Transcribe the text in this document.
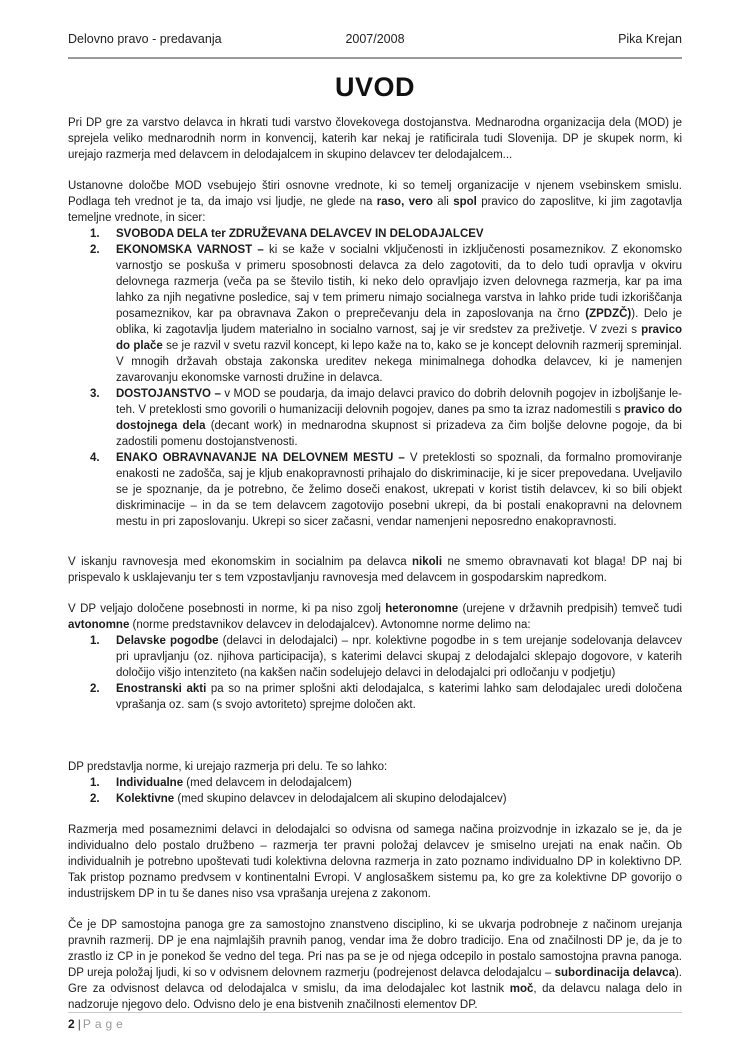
Delovno pravo - predavanja	2007/2008	Pika Krejan
UVOD

Pri DP gre za varstvo delavca in hkrati tudi varstvo človekovega dostojanstva. Mednarodna organizacija dela (MOD) je sprejela veliko mednarodnih norm in konvencij, katerih kar nekaj je ratificirala tudi Slovenija. DP je skupek norm, ki urejajo razmerja med delavcem in delodajalcem in skupino delavcev ter delodajalcem...

Ustanovne določbe MOD vsebujejo štiri osnovne vrednote, ki so temelj organizacije v njenem vsebinskem smislu. Podlaga teh vrednot je ta, da imajo vsi ljudje, ne glede na raso, vero ali spol pravico do zaposlitve, ki jim zagotavlja temeljne vrednote, in sicer:

1. SVOBODA DELA ter ZDRUŽEVANA DELAVCEV IN DELODAJALCEV
2. EKONOMSKA VARNOST – ki se kaže v socialni vključenosti in izključenosti posameznikov. Z ekonomsko varnostjo se poskuša v primeru sposobnosti delavca za delo zagotoviti, da to delo tudi opravlja v okviru delovnega razmerja (veča pa se število tistih, ki neko delo opravljajo izven delovnega razmerja, kar pa ima lahko za njih negativne posledice, saj v tem primeru nimajo socialnega varstva in lahko pride tudi izkoriščanja posameznikov, kar pa obravnava Zakon o preprečevanju dela in zaposlovanja na črno (ZPDZČ)). Delo je oblika, ki zagotavlja ljudem materialno in socialno varnost, saj je vir sredstev za preživetje. V zvezi s pravico do plače se je razvil v svetu razvil koncept, ki lepo kaže na to, kako se je koncept delovnih razmerij spreminjal. V mnogih državah obstaja zakonska ureditev nekega minimalnega dohodka delavcev, ki je namenjen zavarovanju ekonomske varnosti družine in delavca.
3. DOSTOJANSTVO – v MOD se poudarja, da imajo delavci pravico do dobrih delovnih pogojev in izboljšanje le-teh. V preteklosti smo govorili o humanizaciji delovnih pogojev, danes pa smo ta izraz nadomestili s pravico do dostojnega dela (decant work) in mednarodna skupnost si prizadeva za čim boljše delovne pogoje, da bi zadostili pomenu dostojanstvenosti.
4. ENAKO OBRAVNAVANJE NA DELOVNEM MESTU – V preteklosti so spoznali, da formalno promoviranje enakosti ne zadošča, saj je kljub enakopravnosti prihajalo do diskriminacije, ki je sicer prepovedana. Uveljavilo se je spoznanje, da je potrebno, če želimo doseči enakost, ukrepati v korist tistih delavcev, ki so bili objekt diskriminacije – in da se tem delavcem zagotovijo posebni ukrepi, da bi postali enakopravni na delovnem mestu in pri zaposlovanju. Ukrepi so sicer začasni, vendar namenjeni neposredno enakopravnosti.

V iskanju ravnovesja med ekonomskim in socialnim pa delavca nikoli ne smemo obravnavati kot blaga! DP naj bi prispevalo k usklajevanju ter s tem vzpostavljanju ravnovesja med delavcem in gospodarskim napredkom.

V DP veljajo določene posebnosti in norme, ki pa niso zgolj heteronomne (urejene v državnih predpisih) temveč tudi avtonomne (norme predstavnikov delavcev in delodajalcev). Avtonomne norme delimo na:

1. Delavske pogodbe (delavci in delodajalci) – npr. kolektivne pogodbe in s tem urejanje sodelovanja delavcev pri upravljanju (oz. njihova participacija), s katerimi delavci skupaj z delodajalci sklepajo dogovore, v katerih določijo višjo intenziteto (na kakšen način sodelujejo delavci in delodajalci pri odločanju v podjetju)
2. Enostranski akti pa so na primer splošni akti delodajalca, s katerimi lahko sam delodajalec uredi določena vprašanja oz. sam (s svojo avtoriteto) sprejme določen akt.

DP predstavlja norme, ki urejajo razmerja pri delu. Te so lahko:

1. Individualne (med delavcem in delodajalcem)
2. Kolektivne (med skupino delavcev in delodajalcem ali skupino delodajalcev)

Razmerja med posameznimi delavci in delodajalci so odvisna od samega načina proizvodnje in izkazalo se je, da je individualno delo postalo družbeno – razmerja ter pravni položaj delavcev je smiselno urejati na enak način. Ob individualnih je potrebno upoštevati tudi kolektivna delovna razmerja in zato poznamo individualno DP in kolektivno DP. Tak pristop poznamo predvsem v kontinentalni Evropi. V anglosaškem sistemu pa, ko gre za kolektivne DP govorijo o industrijskem DP in tu še danes niso vsa vprašanja urejena z zakonom.

Če je DP samostojna panoga gre za samostojno znanstveno disciplino, ki se ukvarja podrobneje z načinom urejanja pravnih razmerij. DP je ena najmlajših pravnih panog, vendar ima že dobro tradicijo. Ena od značilnosti DP je, da je to zrastlo iz CP in je ponekod še vedno del tega. Pri nas pa se je od njega odcepilo in postalo samostojna pravna panoga. DP ureja položaj ljudi, ki so v odvisnem delovnem razmerju (podrejenost delavca delodajalcu – subordinacija delavca). Gre za odvisnost delavca od delodajalca v smislu, da ima delodajalec kot lastnik moč, da delavcu nalaga delo in nadzoruje njegovo delo. Odvisno delo je ena bistvenih značilnosti elementov DP.

2 | Page
